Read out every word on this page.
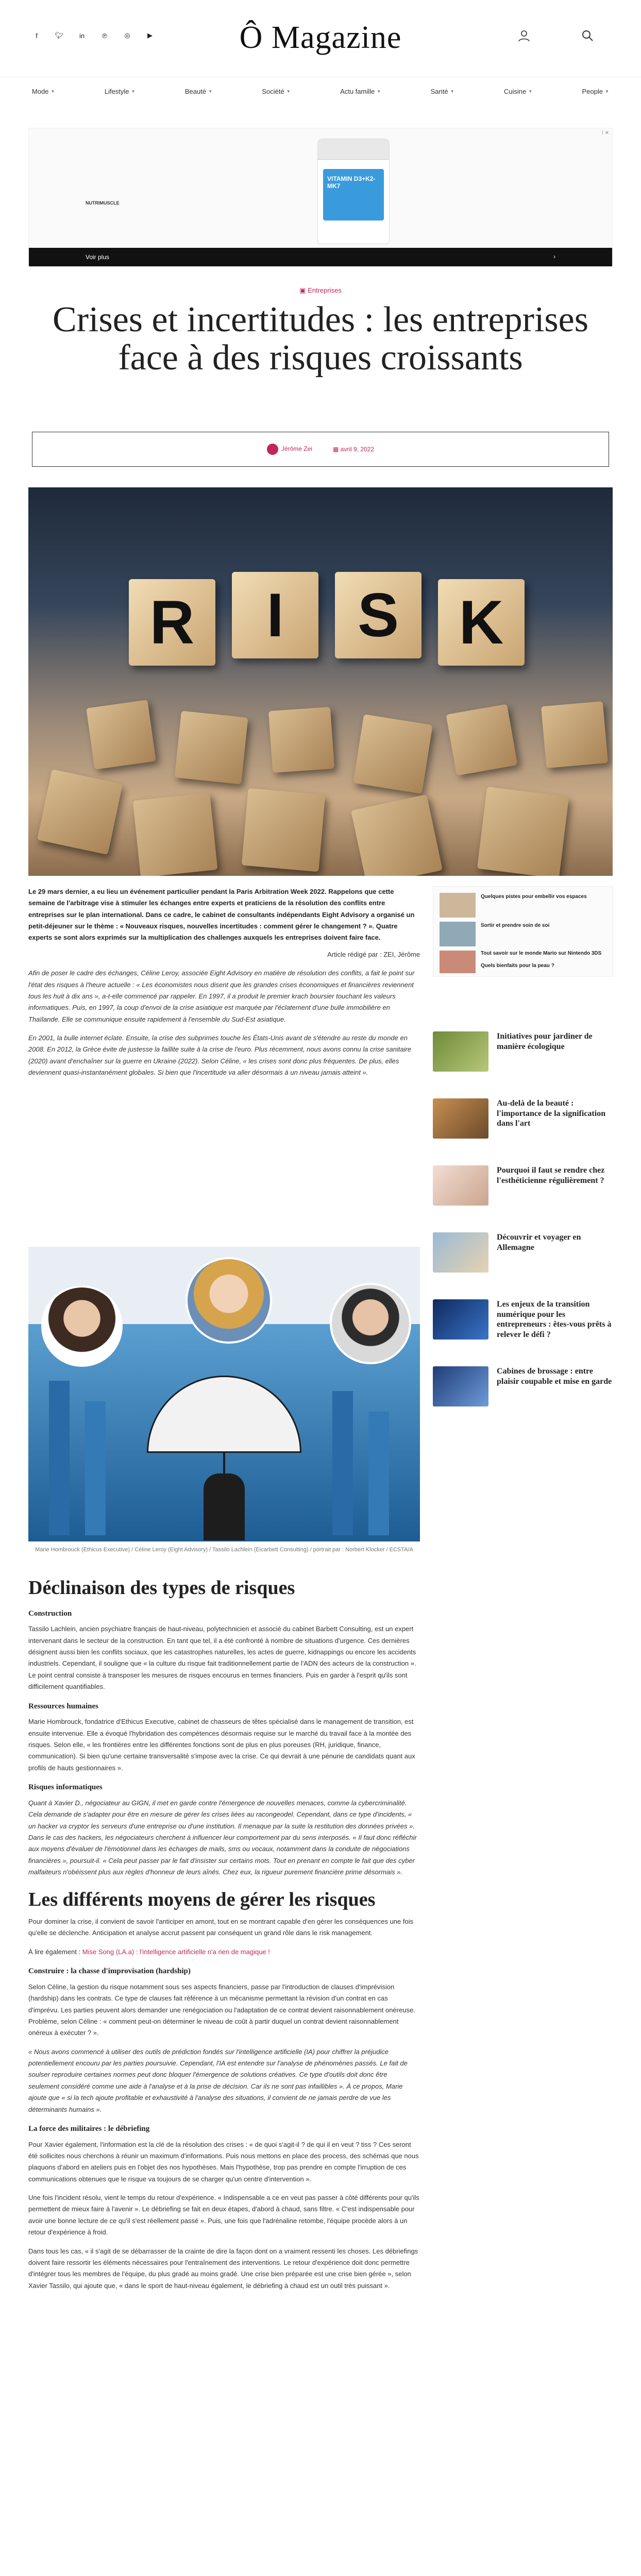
f	🐦︎	in	℗	◎	▶	Ô Magazine
Mode ▼	Lifestyle ▼	Beauté ▼	Société ▼	Actu famille ▼	Santé ▼	Cuisine ▼	People ▼
i ✕
NUTRIMUSCLE
VITAMIN D3+K2-MK7
Voir plus	›
▣ Entreprises
Crises et incertitudes : les entreprises face à des risques croissants
Jérôme Zei	▦ avril 9, 2022
R	I	S K

Le 29 mars dernier, a eu lieu un événement particulier pendant la Paris Arbitration Week 2022. Rappelons que cette semaine de l'arbitrage vise à stimuler les échanges entre experts et praticiens de la résolution des conflits entre entreprises sur le plan international. Dans ce cadre, le cabinet de consultants indépendants Eight Advisory a organisé un petit-déjeuner sur le thème : « Nouveaux risques, nouvelles incertitudes : comment gérer le changement ? ». Quatre experts se sont alors exprimés sur la multiplication des challenges auxquels les entreprises doivent faire face.

Article rédigé par : ZEI, Jérôme

Afin de poser le cadre des échanges, Céline Leroy, associée Eight Advisory en matière de résolution des conflits, a fait le point sur l'état des risques à l'heure actuelle : « Les économistes nous disent que les grandes crises économiques et financières reviennent tous les huit à dix ans », a-t-elle commencé par rappeler. En 1997, il a produit le premier krach boursier touchant les valeurs informatiques. Puis, en 1997, la coup d'envoi de la crise asiatique est marquée par l'éclatement d'une bulle immobilière en Thaïlande. Elle se communique ensuite rapidement à l'ensemble du Sud-Est asiatique.

En 2001, la bulle internet éclate. Ensuite, la crise des subprimes touche les États-Unis avant de s'étendre au reste du monde en 2008. En 2012, la Grèce évite de justesse la faillite suite à la crise de l'euro. Plus récemment, nous avons connu la crise sanitaire (2020) avant d'enchaîner sur la guerre en Ukraine (2022). Selon Céline, « les crises sont donc plus fréquentes. De plus, elles deviennent quasi-instantanément globales. Si bien que l'incertitude va aller désormais à un niveau jamais atteint ».

Quelques pistes pour embellir vos espaces
Sortir et prendre soin de soi
Tout savoir sur le monde Mario sur Nintendo 3DS
Quels bienfaits pour la peau ?
Initiatives pour jardiner de manière écologique
Au-delà de la beauté : l'importance de la signification dans l'art
Pourquoi il faut se rendre chez l'esthéticienne régulièrement ?
Découvrir et voyager en Allemagne
Les enjeux de la transition numérique pour les entrepreneurs : êtes-vous prêts à relever le défi ?
Cabines de brossage : entre plaisir coupable et mise en garde
Marie Hombrouck (Ethicus Executive) / Céline Leroy (Eight Advisory) / Tassilo Lachlein (Eicarbett Consulting) / portrait par : Norbert Klocker / ECSTA/A
Déclinaison des types de risques
Construction

Tassilo Lachlein, ancien psychiatre français de haut-niveau, polytechnicien et associé du cabinet Barbett Consulting, est un expert intervenant dans le secteur de la construction. En tant que tel, il a été confronté à nombre de situations d'urgence. Ces dernières désignent aussi bien les conflits sociaux, que les catastrophes naturelles, les actes de guerre, kidnappings ou encore les accidents industriels. Cependant, il souligne que « la culture du risque fait traditionnellement partie de l'ADN des acteurs de la construction ». Le point central consiste à transposer les mesures de risques encourus en termes financiers. Puis en garder à l'esprit qu'ils sont difficilement quantifiables.

Ressources humaines

Marie Hombrouck, fondatrice d'Ethicus Executive, cabinet de chasseurs de têtes spécialisé dans le management de transition, est ensuite intervenue. Elle a évoqué l'hybridation des compétences désormais requise sur le marché du travail face à la montée des risques. Selon elle, « les frontières entre les différentes fonctions sont de plus en plus poreuses (RH, juridique, finance, communication). Si bien qu'une certaine transversalité s'impose avec la crise. Ce qui devrait à une pénurie de candidats quant aux profils de hauts gestionnaires ».

Risques informatiques

Quant à Xavier D., négociateur au GIGN, il met en garde contre l'émergence de nouvelles menaces, comme la cybercriminalité. Cela demande de s'adapter pour être en mesure de gérer les crises liées au racongeodel. Cependant, dans ce type d'incidents, « un hacker va cryptor les serveurs d'une entreprise ou d'une institution. Il menaque par la suite la restitution des données privées ». Dans le cas des hackers, les négociateurs cherchent à influencer leur comportement par du sens interposés. « Il faut donc réfléchir aux moyens d'évaluer de l'émotionnel dans les échanges de mails, sms ou vocaux, notamment dans la conduite de négociations financières », poursuit-il. « Cela peut passer par le fait d'insister sur certains mots. Tout en prenant en compte le fait que des cyber malfaiteurs n'obéissent plus aux règles d'honneur de leurs aînés. Chez eux, la rigueur purement financière prime désormais ».

Les différents moyens de gérer les risques

Pour dominer la crise, il convient de savoir l'anticiper en amont, tout en se montrant capable d'en gérer les conséquences une fois qu'elle se déclenche. Anticipation et analyse accrut passent par conséquent un grand rôle dans le risk management.

À lire également : Mise Song (LA.a) : l'intelligence artificielle n'a rien de magique !

Construire : la chasse d'improvisation (hardship)

Selon Céline, la gestion du risque notamment sous ses aspects financiers, passe par l'introduction de clauses d'imprévision (hardship) dans les contrats. Ce type de clauses fait référence à un mécanisme permettant la révision d'un contrat en cas d'imprévu. Les parties peuvent alors demander une renégociation ou l'adaptation de ce contrat devient raisonnablement onéreuse. Problème, selon Céline : « comment peut-on déterminer le niveau de coût à partir duquel un contrat devient raisonnablement onéreux à exécuter ? ».

« Nous avons commencé à utiliser des outils de prédiction fondés sur l'intelligence artificielle (IA) pour chiffrer la préjudice potentiellement encouru par les parties poursuivie. Cependant, l'IA est entendre sur l'analyse de phénomènes passés. Le fait de soulser reproduire certaines normes peut donc bloquer l'émergence de solutions créatives. Ce type d'outils doit donc être seulement considéré comme une aide à l'analyse et à la prise de décision. Car ils ne sont pas infaillibles ». À ce propos, Marie ajoute que « si la tech ajoute profitable et exhaustivité à l'analyse des situations, il convient de ne jamais perdre de vue les déterminants humains ».

La force des militaires : le débriefing

Pour Xavier également, l'information est la clé de la résolution des crises : « de quoi s'agit-il ? de qui il en veut ? tiss ? Ces seront été sollicites nous cherchons à réunir un maximum d'informations. Puis nous mettons en place des process, des schémas que nous plaquons d'abord en ateliers puis en l'objet des nos hypothèses. Mais l'hypothèse, trop pas prendre en compte l'irruption de ces communications obtenues que le risque va toujours de se charger qu'un centre d'intervention ».

Une fois l'incident résolu, vient le temps du retour d'expérience. « Indispensable a ce en veut pas passer à côté différents pour qu'ils permettent de mieux faire à l'avenir ». Le débriefing se fait en deux étapes, d'abord à chaud, sans filtre. « C'est indispensable pour avoir une bonne lecture de ce qu'il s'est réellement passé ». Puis, une fois que l'adrénaline retombe, l'équipe procède alors à un retour d'expérience à froid.

Dans tous les cas, « il s'agit de se débarrasser de la crainte de dire la façon dont on a vraiment ressenti les choses. Les débriefings doivent faire ressortir les éléments nécessaires pour l'entraînement des interventions. Le retour d'expérience doit donc permettre d'intégrer tous les membres de l'équipe, du plus gradé au moins gradé. Une crise bien préparée est une crise bien gérée », selon Xavier Tassilo, qui ajoute que, « dans le sport de haut-niveau également, le débriefing à chaud est un outil très puissant ».
